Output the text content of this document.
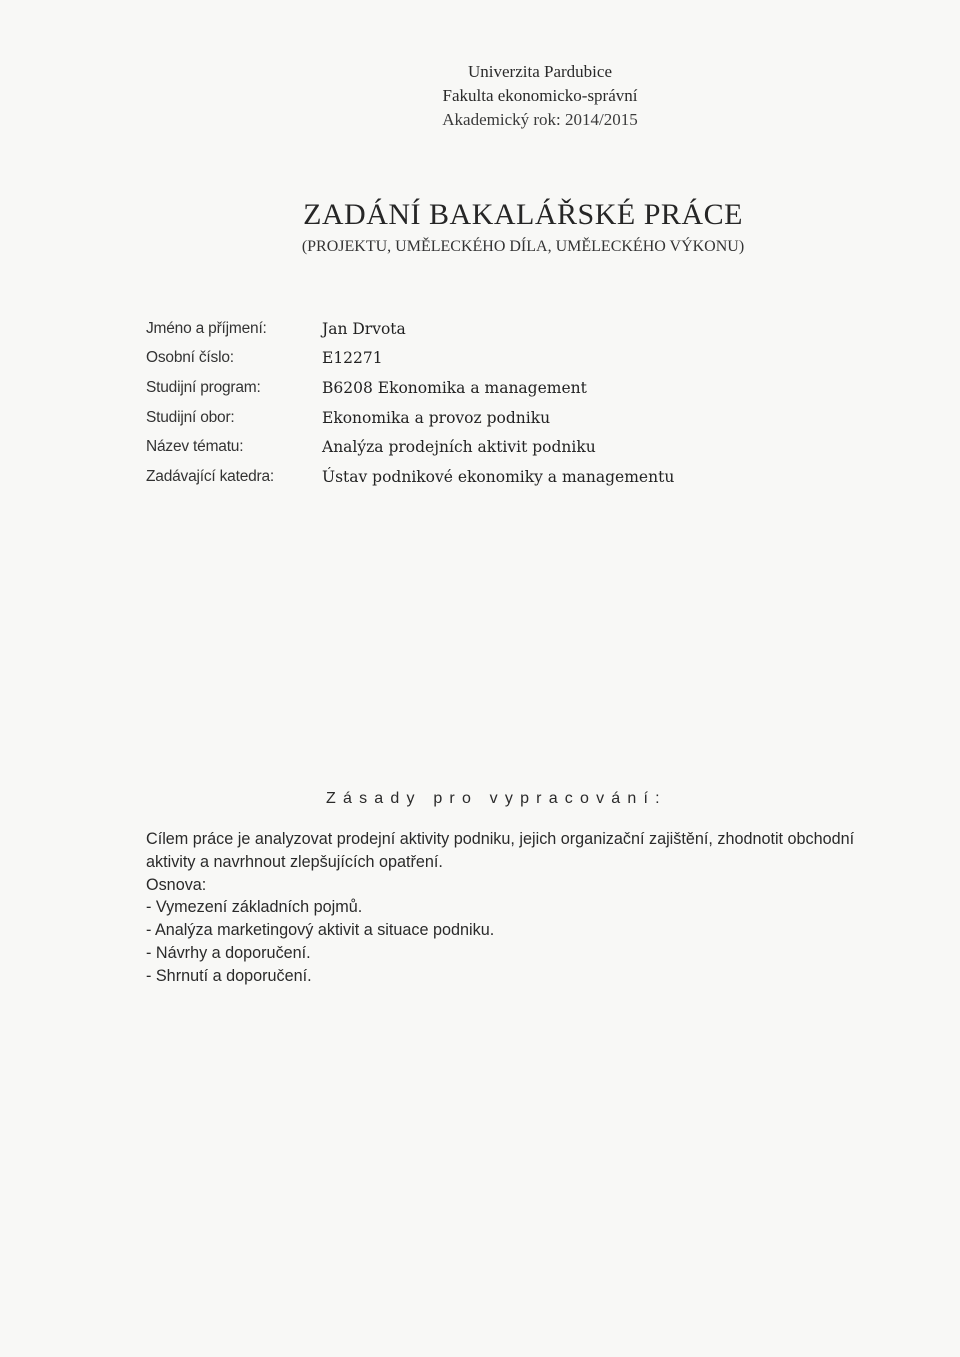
Univerzita Pardubice
Fakulta ekonomicko-správní
Akademický rok: 2014/2015
ZADÁNÍ BAKALÁŘSKÉ PRÁCE
(PROJEKTU, UMĚLECKÉHO DÍLA, UMĚLECKÉHO VÝKONU)
Jméno a příjmení:	Jan Drvota
Osobní číslo:	E12271
Studijní program:	B6208 Ekonomika a management
Studijní obor:	Ekonomika a provoz podniku
Název tématu:	Analýza prodejních aktivit podniku
Zadávající katedra:	Ústav podnikové ekonomiky a managementu
Zásady pro vypracování:

Cílem práce je analyzovat prodejní aktivity podniku, jejich organizační zajištění, zhodnotit obchodní aktivity a navrhnout zlepšujících opatření.

Osnova:

- Vymezení základních pojmů.

- Analýza marketingový aktivit a situace podniku.

- Návrhy a doporučení.

- Shrnutí a doporučení.
